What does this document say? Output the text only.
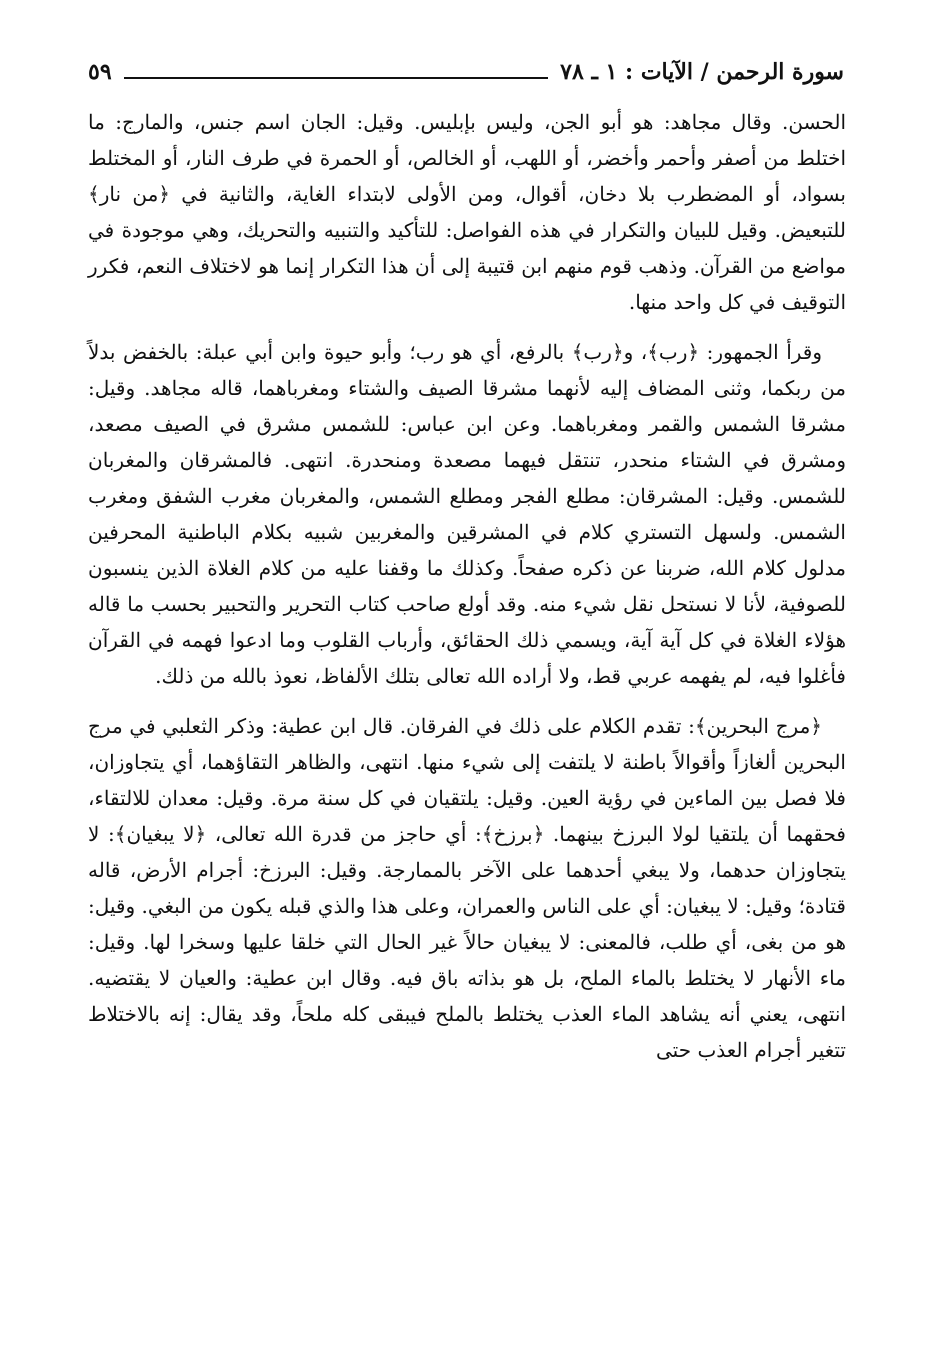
سورة الرحمن / الآيات : ١ ـ ٧٨
٥٩

الحسن. وقال مجاهد: هو أبو الجن، وليس بإبليس. وقيل: الجان اسم جنس، والمارج: ما اختلط من أصفر وأحمر وأخضر، أو اللهب، أو الخالص، أو الحمرة في طرف النار، أو المختلط بسواد، أو المضطرب بلا دخان، أقوال، ومن الأولى لابتداء الغاية، والثانية في ﴿من نار﴾ للتبعيض. وقيل للبيان والتكرار في هذه الفواصل: للتأكيد والتنبيه والتحريك، وهي موجودة في مواضع من القرآن. وذهب قوم منهم ابن قتيبة إلى أن هذا التكرار إنما هو لاختلاف النعم، فكرر التوقيف في كل واحد منها.

وقرأ الجمهور: ﴿رب﴾، و﴿رب﴾ بالرفع، أي هو رب؛ وأبو حيوة وابن أبي عبلة: بالخفض بدلاً من ربكما، وثنى المضاف إليه لأنهما مشرقا الصيف والشتاء ومغرباهما، قاله مجاهد. وقيل: مشرقا الشمس والقمر ومغرباهما. وعن ابن عباس: للشمس مشرق في الصيف مصعد، ومشرق في الشتاء منحدر، تنتقل فيهما مصعدة ومنحدرة. انتهى. فالمشرقان والمغربان للشمس. وقيل: المشرقان: مطلع الفجر ومطلع الشمس، والمغربان مغرب الشفق ومغرب الشمس. ولسهل التستري كلام في المشرقين والمغربين شبيه بكلام الباطنية المحرفين مدلول كلام الله، ضربنا عن ذكره صفحاً. وكذلك ما وقفنا عليه من كلام الغلاة الذين ينسبون للصوفية، لأنا لا نستحل نقل شيء منه. وقد أولع صاحب كتاب التحرير والتحبير بحسب ما قاله هؤلاء الغلاة في كل آية آية، ويسمي ذلك الحقائق، وأرباب القلوب وما ادعوا فهمه في القرآن فأغلوا فيه، لم يفهمه عربي قط، ولا أراده الله تعالى بتلك الألفاظ، نعوذ بالله من ذلك.

﴿مرج البحرين﴾: تقدم الكلام على ذلك في الفرقان. قال ابن عطية: وذكر الثعلبي في مرج البحرين ألغازاً وأقوالاً باطنة لا يلتفت إلى شيء منها. انتهى، والظاهر التقاؤهما، أي يتجاوزان، فلا فصل بين الماءين في رؤية العين. وقيل: يلتقيان في كل سنة مرة. وقيل: معدان للالتقاء، فحقهما أن يلتقيا لولا البرزخ بينهما. ﴿برزخ﴾: أي حاجز من قدرة الله تعالى، ﴿لا يبغيان﴾: لا يتجاوزان حدهما، ولا يبغي أحدهما على الآخر بالممارجة. وقيل: البرزخ: أجرام الأرض، قاله قتادة؛ وقيل: لا يبغيان: أي على الناس والعمران، وعلى هذا والذي قبله يكون من البغي. وقيل: هو من بغى، أي طلب، فالمعنى: لا يبغيان حالاً غير الحال التي خلقا عليها وسخرا لها. وقيل: ماء الأنهار لا يختلط بالماء الملح، بل هو بذاته باق فيه. وقال ابن عطية: والعيان لا يقتضيه. انتهى، يعني أنه يشاهد الماء العذب يختلط بالملح فيبقى كله ملحاً، وقد يقال: إنه بالاختلاط تتغير أجرام العذب حتى
